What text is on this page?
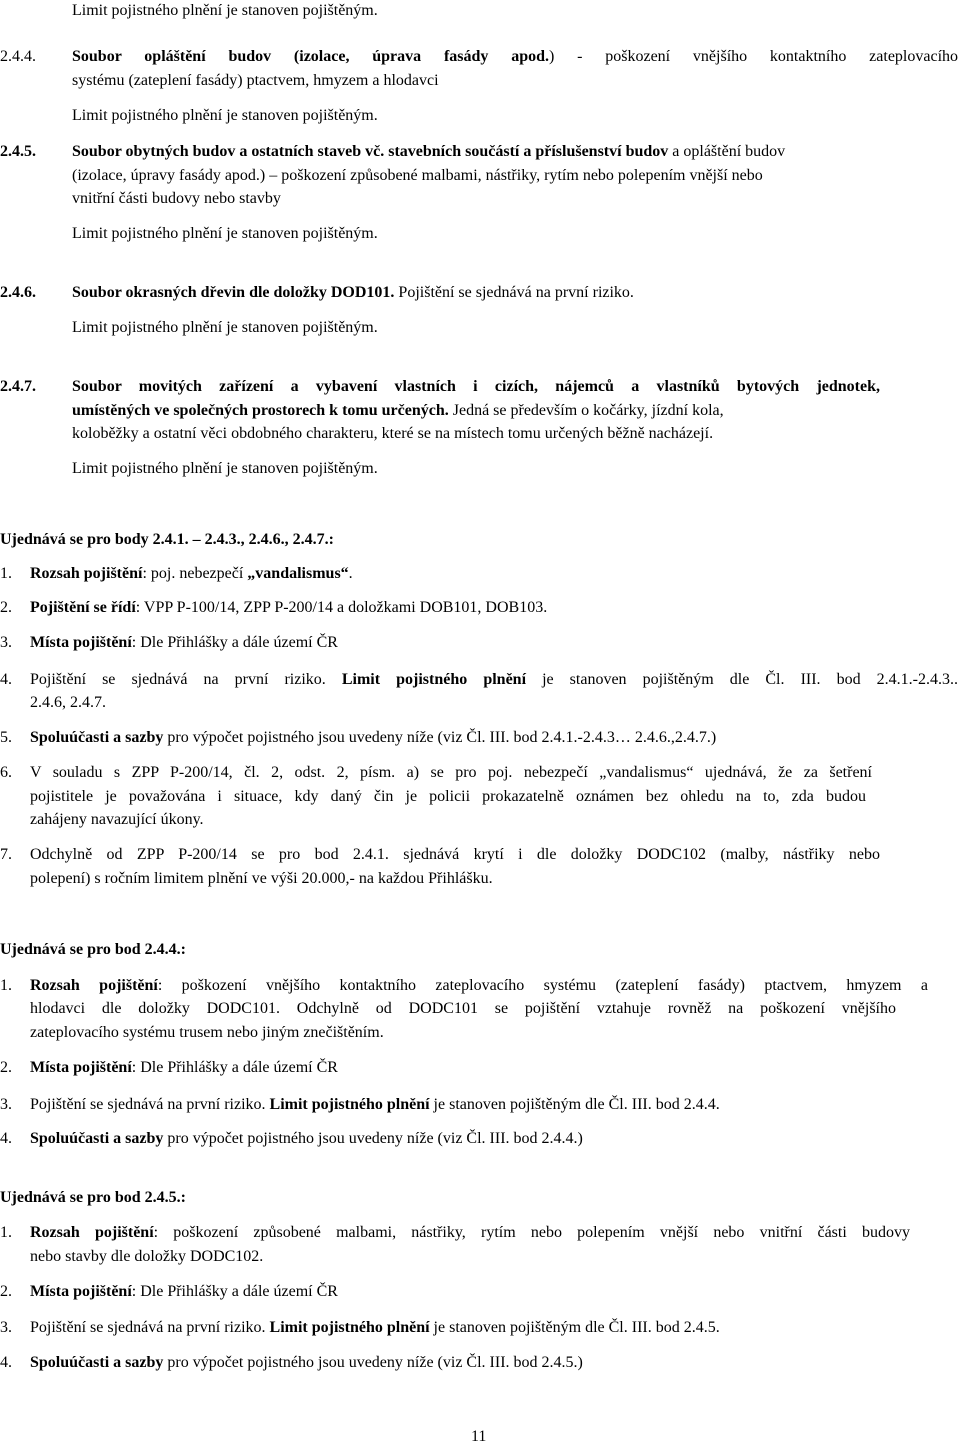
Limit pojistného plnění je stanoven pojištěným.
2.4.4. Soubor opláštění budov (izolace, úprava fasády apod.) - poškození vnějšího kontaktního zateplovacího
systému (zateplení fasády) ptactvem, hmyzem a hlodavci
Limit pojistného plnění je stanoven pojištěným.
2.4.5. Soubor obytných budov a ostatních staveb vč. stavebních součástí a příslušenství budov a opláštění budov
(izolace, úpravy fasády apod.) – poškození způsobené malbami, nástřiky, rytím nebo polepením vnější nebo
vnitřní části budovy nebo stavby
Limit pojistného plnění je stanoven pojištěným.
2.4.6. Soubor okrasných dřevin dle doložky DOD101. Pojištění se sjednává na první riziko.
Limit pojistného plnění je stanoven pojištěným.
2.4.7. Soubor movitých zařízení a vybavení vlastních i cizích, nájemců a vlastníků bytových jednotek,
umístěných ve společných prostorech k tomu určených. Jedná se především o kočárky, jízdní kola,
koloběžky a ostatní věci obdobného charakteru, které se na místech tomu určených běžně nacházejí.
Limit pojistného plnění je stanoven pojištěným.
Ujednává se pro body 2.4.1. – 2.4.3., 2.4.6., 2.4.7.:
1. Rozsah pojištění: poj. nebezpečí „vandalismus“.
2. Pojištění se řídí: VPP P-100/14, ZPP P-200/14 a doložkami DOB101, DOB103.
3. Místa pojištění: Dle Přihlášky a dále území ČR
4. Pojištění se sjednává na první riziko. Limit pojistného plnění je stanoven pojištěným dle Čl. III. bod 2.4.1.-2.4.3..
2.4.6, 2.4.7.
5. Spoluúčasti a sazby pro výpočet pojistného jsou uvedeny níže (viz Čl. III. bod 2.4.1.-2.4.3… 2.4.6.,2.4.7.)
6. V souladu s ZPP P-200/14, čl. 2, odst. 2, písm. a) se pro poj. nebezpečí „vandalismus“ ujednává, že za šetření
pojistitele je považována i situace, kdy daný čin je policii prokazatelně oznámen bez ohledu na to, zda budou
zahájeny navazující úkony.
7. Odchylně od ZPP P-200/14 se pro bod 2.4.1. sjednává krytí i dle doložky DODC102 (malby, nástřiky nebo
polepení) s ročním limitem plnění ve výši 20.000,- na každou Přihlášku.
Ujednává se pro bod 2.4.4.:
1. Rozsah pojištění: poškození vnějšího kontaktního zateplovacího systému (zateplení fasády) ptactvem, hmyzem a
hlodavci dle doložky DODC101. Odchylně od DODC101 se pojištění vztahuje rovněž na poškození vnějšího
zateplovacího systému trusem nebo jiným znečištěním.
2. Místa pojištění: Dle Přihlášky a dále území ČR
3. Pojištění se sjednává na první riziko. Limit pojistného plnění je stanoven pojištěným dle Čl. III. bod 2.4.4.
4. Spoluúčasti a sazby pro výpočet pojistného jsou uvedeny níže (viz Čl. III. bod 2.4.4.)
Ujednává se pro bod 2.4.5.:
1. Rozsah pojištění: poškození způsobené malbami, nástřiky, rytím nebo polepením vnější nebo vnitřní části budovy
nebo stavby dle doložky DODC102.
2. Místa pojištění: Dle Přihlášky a dále území ČR
3. Pojištění se sjednává na první riziko. Limit pojistného plnění je stanoven pojištěným dle Čl. III. bod 2.4.5.
4. Spoluúčasti a sazby pro výpočet pojistného jsou uvedeny níže (viz Čl. III. bod 2.4.5.)
11
